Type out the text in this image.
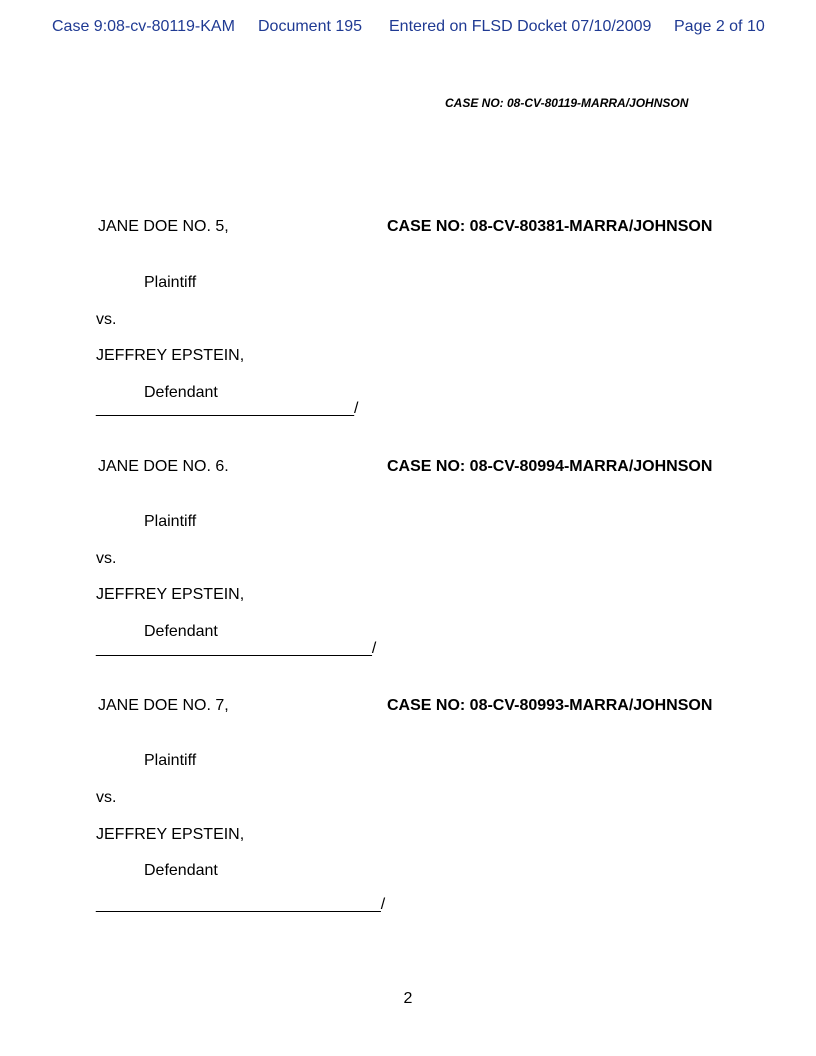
Case 9:08-cv-80119-KAM Document 195 Entered on FLSD Docket 07/10/2009 Page 2 of 10
CASE NO: 08-CV-80119-MARRA/JOHNSON
JANE DOE NO. 5,	CASE NO: 08-CV-80381-MARRA/JOHNSON
Plaintiff
vs.
JEFFREY EPSTEIN,
Defendant
_____________________________/
JANE DOE NO. 6.	CASE NO: 08-CV-80994-MARRA/JOHNSON
Plaintiff
vs.
JEFFREY EPSTEIN,
Defendant
_______________________________/
JANE DOE NO. 7,	CASE NO: 08-CV-80993-MARRA/JOHNSON
Plaintiff
vs.
JEFFREY EPSTEIN,
Defendant
________________________________/
2
